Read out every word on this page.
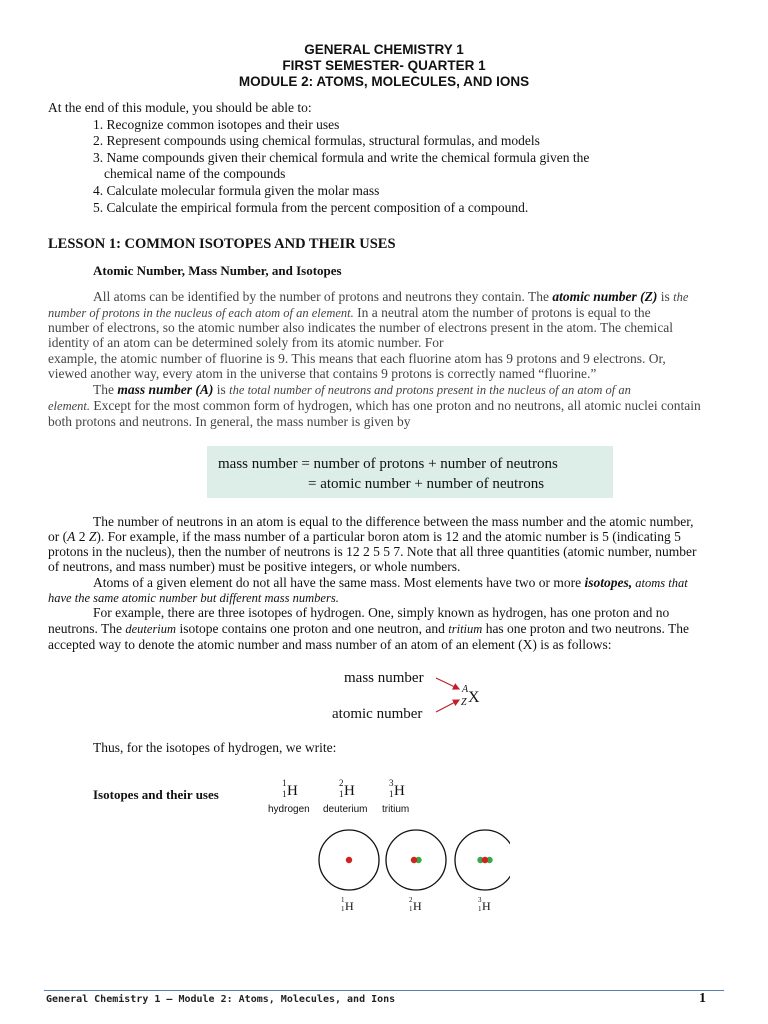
GENERAL CHEMISTRY 1
FIRST SEMESTER- QUARTER 1
MODULE 2: ATOMS, MOLECULES, AND IONS
At the end of this module, you should be able to:
1. Recognize common isotopes and their uses
2. Represent compounds using chemical formulas, structural formulas, and models
3. Name compounds given their chemical formula and write the chemical formula given the
chemical name of the compounds
4. Calculate molecular formula given the molar mass
5. Calculate the empirical formula from the percent composition of a compound.
LESSON 1: COMMON ISOTOPES AND THEIR USES
Atomic Number, Mass Number, and Isotopes
All atoms can be identified by the number of protons and neutrons they contain. The atomic number (Z) is the
number of protons in the nucleus of each atom of an element. In a neutral atom the number of protons is equal to the
number of electrons, so the atomic number also indicates the number of electrons present in the atom. The chemical
identity of an atom can be determined solely from its atomic number. For
example, the atomic number of fluorine is 9. This means that each fluorine atom has 9 protons and 9 electrons. Or,
viewed another way, every atom in the universe that contains 9 protons is correctly named “fluorine.”
The mass number (A) is the total number of neutrons and protons present in the nucleus of an atom of an
element. Except for the most common form of hydrogen, which has one proton and no neutrons, all atomic nuclei contain
both protons and neutrons. In general, the mass number is given by
mass number = number of protons + number of neutrons
= atomic number + number of neutrons
The number of neutrons in an atom is equal to the difference between the mass number and the atomic number,
or (A 2 Z). For example, if the mass number of a particular boron atom is 12 and the atomic number is 5 (indicating 5
protons in the nucleus), then the number of neutrons is 12 2 5 5 7. Note that all three quantities (atomic number, number
of neutrons, and mass number) must be positive integers, or whole numbers.
Atoms of a given element do not all have the same mass. Most elements have two or more isotopes, atoms that
have the same atomic number but different mass numbers.
For example, there are three isotopes of hydrogen. One, simply known as hydrogen, has one proton and no
neutrons. The deuterium isotope contains one proton and one neutron, and tritium has one proton and two neutrons. The
accepted way to denote the atomic number and mass number of an atom of an element (X) is as follows:
mass number
atomic number
A
Z X
Thus, for the isotopes of hydrogen, we write:
Isotopes and their uses
1
1 H
hydrogen
2
1 H
deuterium
3
1 H
tritium
1
1 H	2
1 H	3
1 H
General Chemistry 1 – Module 2: Atoms, Molecules, and Ions	1
